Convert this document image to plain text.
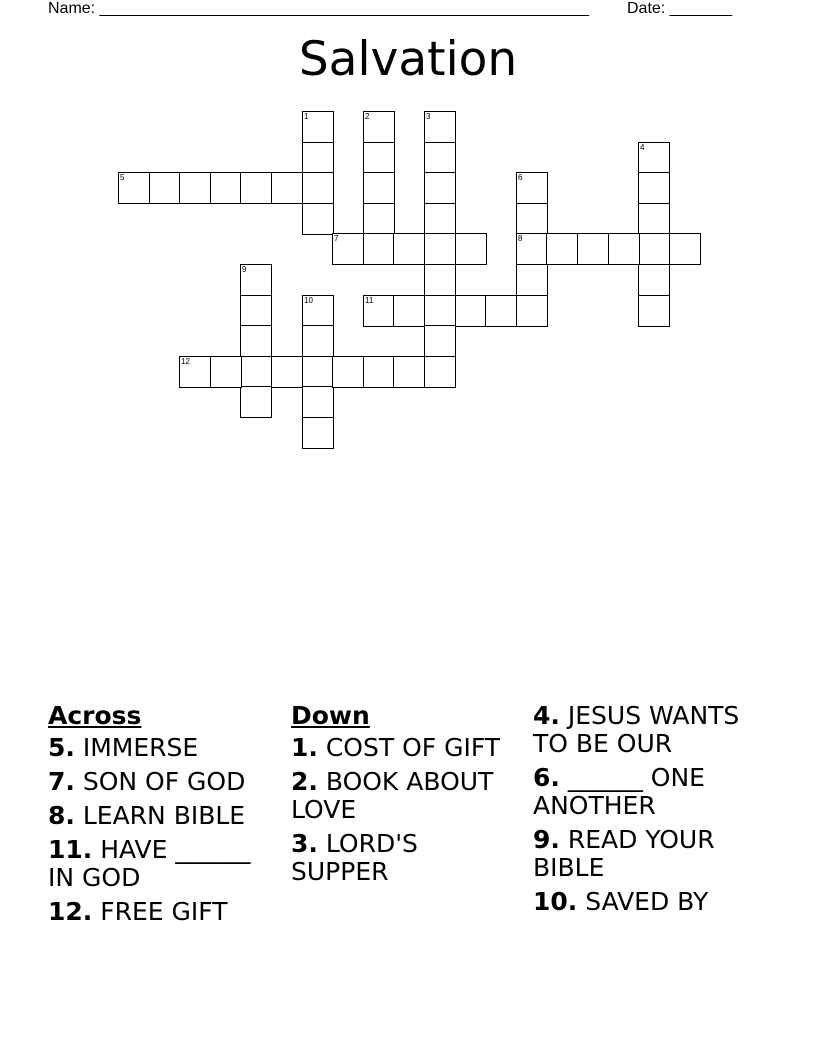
Name: _______________________________________________________ Date: _______
Salvation
1	2	3
4
5	6
8
7
9
10	11
12
Across
5. IMMERSE
7. SON OF GOD
8. LEARN BIBLE
11. HAVE ______ IN GOD
12. FREE GIFT
Down
1. COST OF GIFT
2. BOOK ABOUT LOVE
3. LORD'S SUPPER
4. JESUS WANTS TO BE OUR
6. ______ ONE ANOTHER
9. READ YOUR BIBLE
10. SAVED BY
